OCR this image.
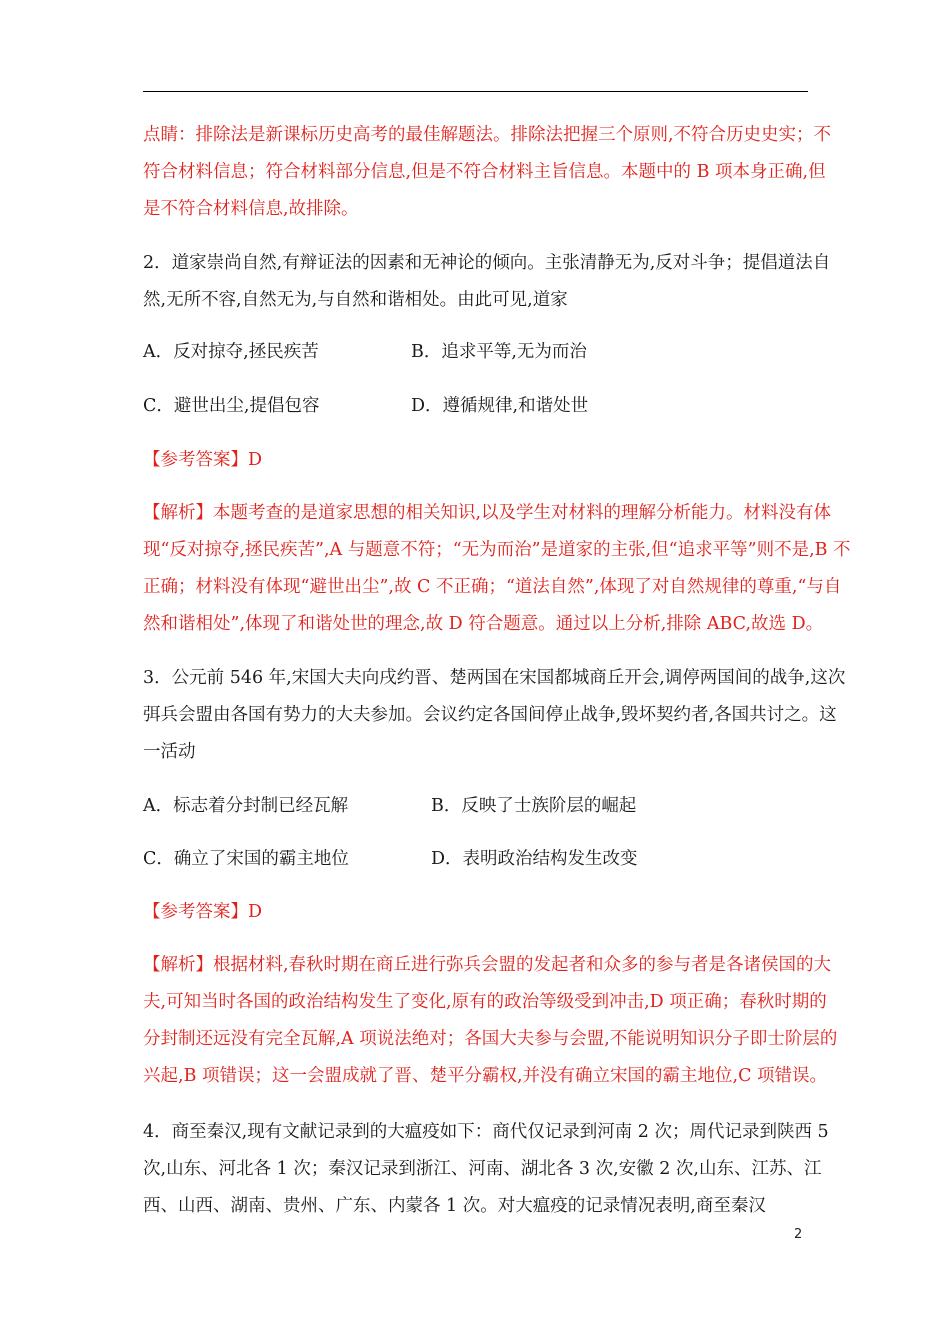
点睛：排除法是新课标历史高考的最佳解题法。排除法把握三个原则,不符合历史史实；不
符合材料信息；符合材料部分信息,但是不符合材料主旨信息。本题中的 B 项本身正确,但
是不符合材料信息,故排除。
2．道家崇尚自然,有辩证法的因素和无神论的倾向。主张清静无为,反对斗争；提倡道法自
然,无所不容,自然无为,与自然和谐相处。由此可见,道家
A．反对掠夺,拯民疾苦	B．追求平等,无为而治
C．避世出尘,提倡包容	D．遵循规律,和谐处世
【参考答案】D
【解析】本题考查的是道家思想的相关知识,以及学生对材料的理解分析能力。材料没有体
现“反对掠夺,拯民疾苦”,A 与题意不符；“无为而治”是道家的主张,但“追求平等”则不是,B 不
正确；材料没有体现“避世出尘”,故 C 不正确；“道法自然”,体现了对自然规律的尊重,“与自
然和谐相处”,体现了和谐处世的理念,故 D 符合题意。通过以上分析,排除 ABC,故选 D。
3．公元前 546 年,宋国大夫向戌约晋、楚两国在宋国都城商丘开会,调停两国间的战争,这次
弭兵会盟由各国有势力的大夫参加。会议约定各国间停止战争,毁坏契约者,各国共讨之。这
一活动
A．标志着分封制已经瓦解	B．反映了士族阶层的崛起
C．确立了宋国的霸主地位	D．表明政治结构发生改变
【参考答案】D
【解析】根据材料,春秋时期在商丘进行弥兵会盟的发起者和众多的参与者是各诸侯国的大
夫,可知当时各国的政治结构发生了变化,原有的政治等级受到冲击,D 项正确；春秋时期的
分封制还远没有完全瓦解,A 项说法绝对；各国大夫参与会盟,不能说明知识分子即士阶层的
兴起,B 项错误；这一会盟成就了晋、楚平分霸权,并没有确立宋国的霸主地位,C 项错误。
4．商至秦汉,现有文献记录到的大瘟疫如下：商代仅记录到河南 2 次；周代记录到陕西 5
次,山东、河北各 1 次；秦汉记录到浙江、河南、湖北各 3 次,安徽 2 次,山东、江苏、江
西、山西、湖南、贵州、广东、内蒙各 1 次。对大瘟疫的记录情况表明,商至秦汉
2
